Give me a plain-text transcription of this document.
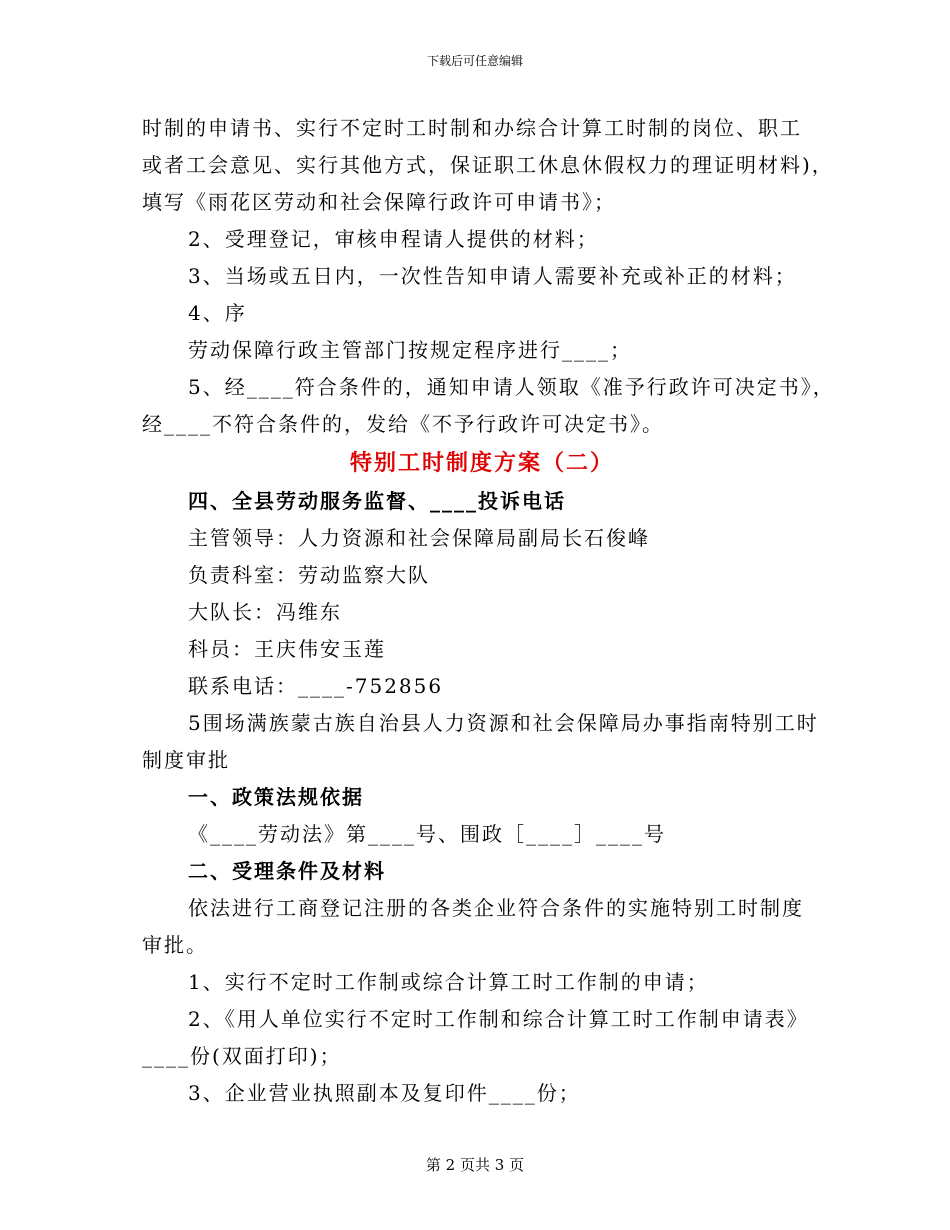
下载后可任意编辑
时制的申请书、实行不定时工时制和办综合计算工时制的岗位、职工
或者工会意见、实行其他方式，保证职工休息休假权力的理证明材料)，
填写《雨花区劳动和社会保障行政许可申请书》；
2、受理登记，审核申程请人提供的材料；
3、当场或五日内，一次性告知申请人需要补充或补正的材料；
4、序
劳动保障行政主管部门按规定程序进行____；
5、经____符合条件的，通知申请人领取《准予行政许可决定书》，
经____不符合条件的，发给《不予行政许可决定书》。
特别工时制度方案（二）
四、全县劳动服务监督、____投诉电话
主管领导：人力资源和社会保障局副局长石俊峰
负责科室：劳动监察大队
大队长：冯维东
科员：王庆伟安玉莲
联系电话：____-752856
5围场满族蒙古族自治县人力资源和社会保障局办事指南特别工时
制度审批
一、政策法规依据
《____劳动法》第____号、围政［____］____号
二、受理条件及材料
依法进行工商登记注册的各类企业符合条件的实施特别工时制度
审批。
1、实行不定时工作制或综合计算工时工作制的申请；
2、《用人单位实行不定时工作制和综合计算工时工作制申请表》
____份(双面打印)；
3、企业营业执照副本及复印件____份；
第 2 页共 3 页
